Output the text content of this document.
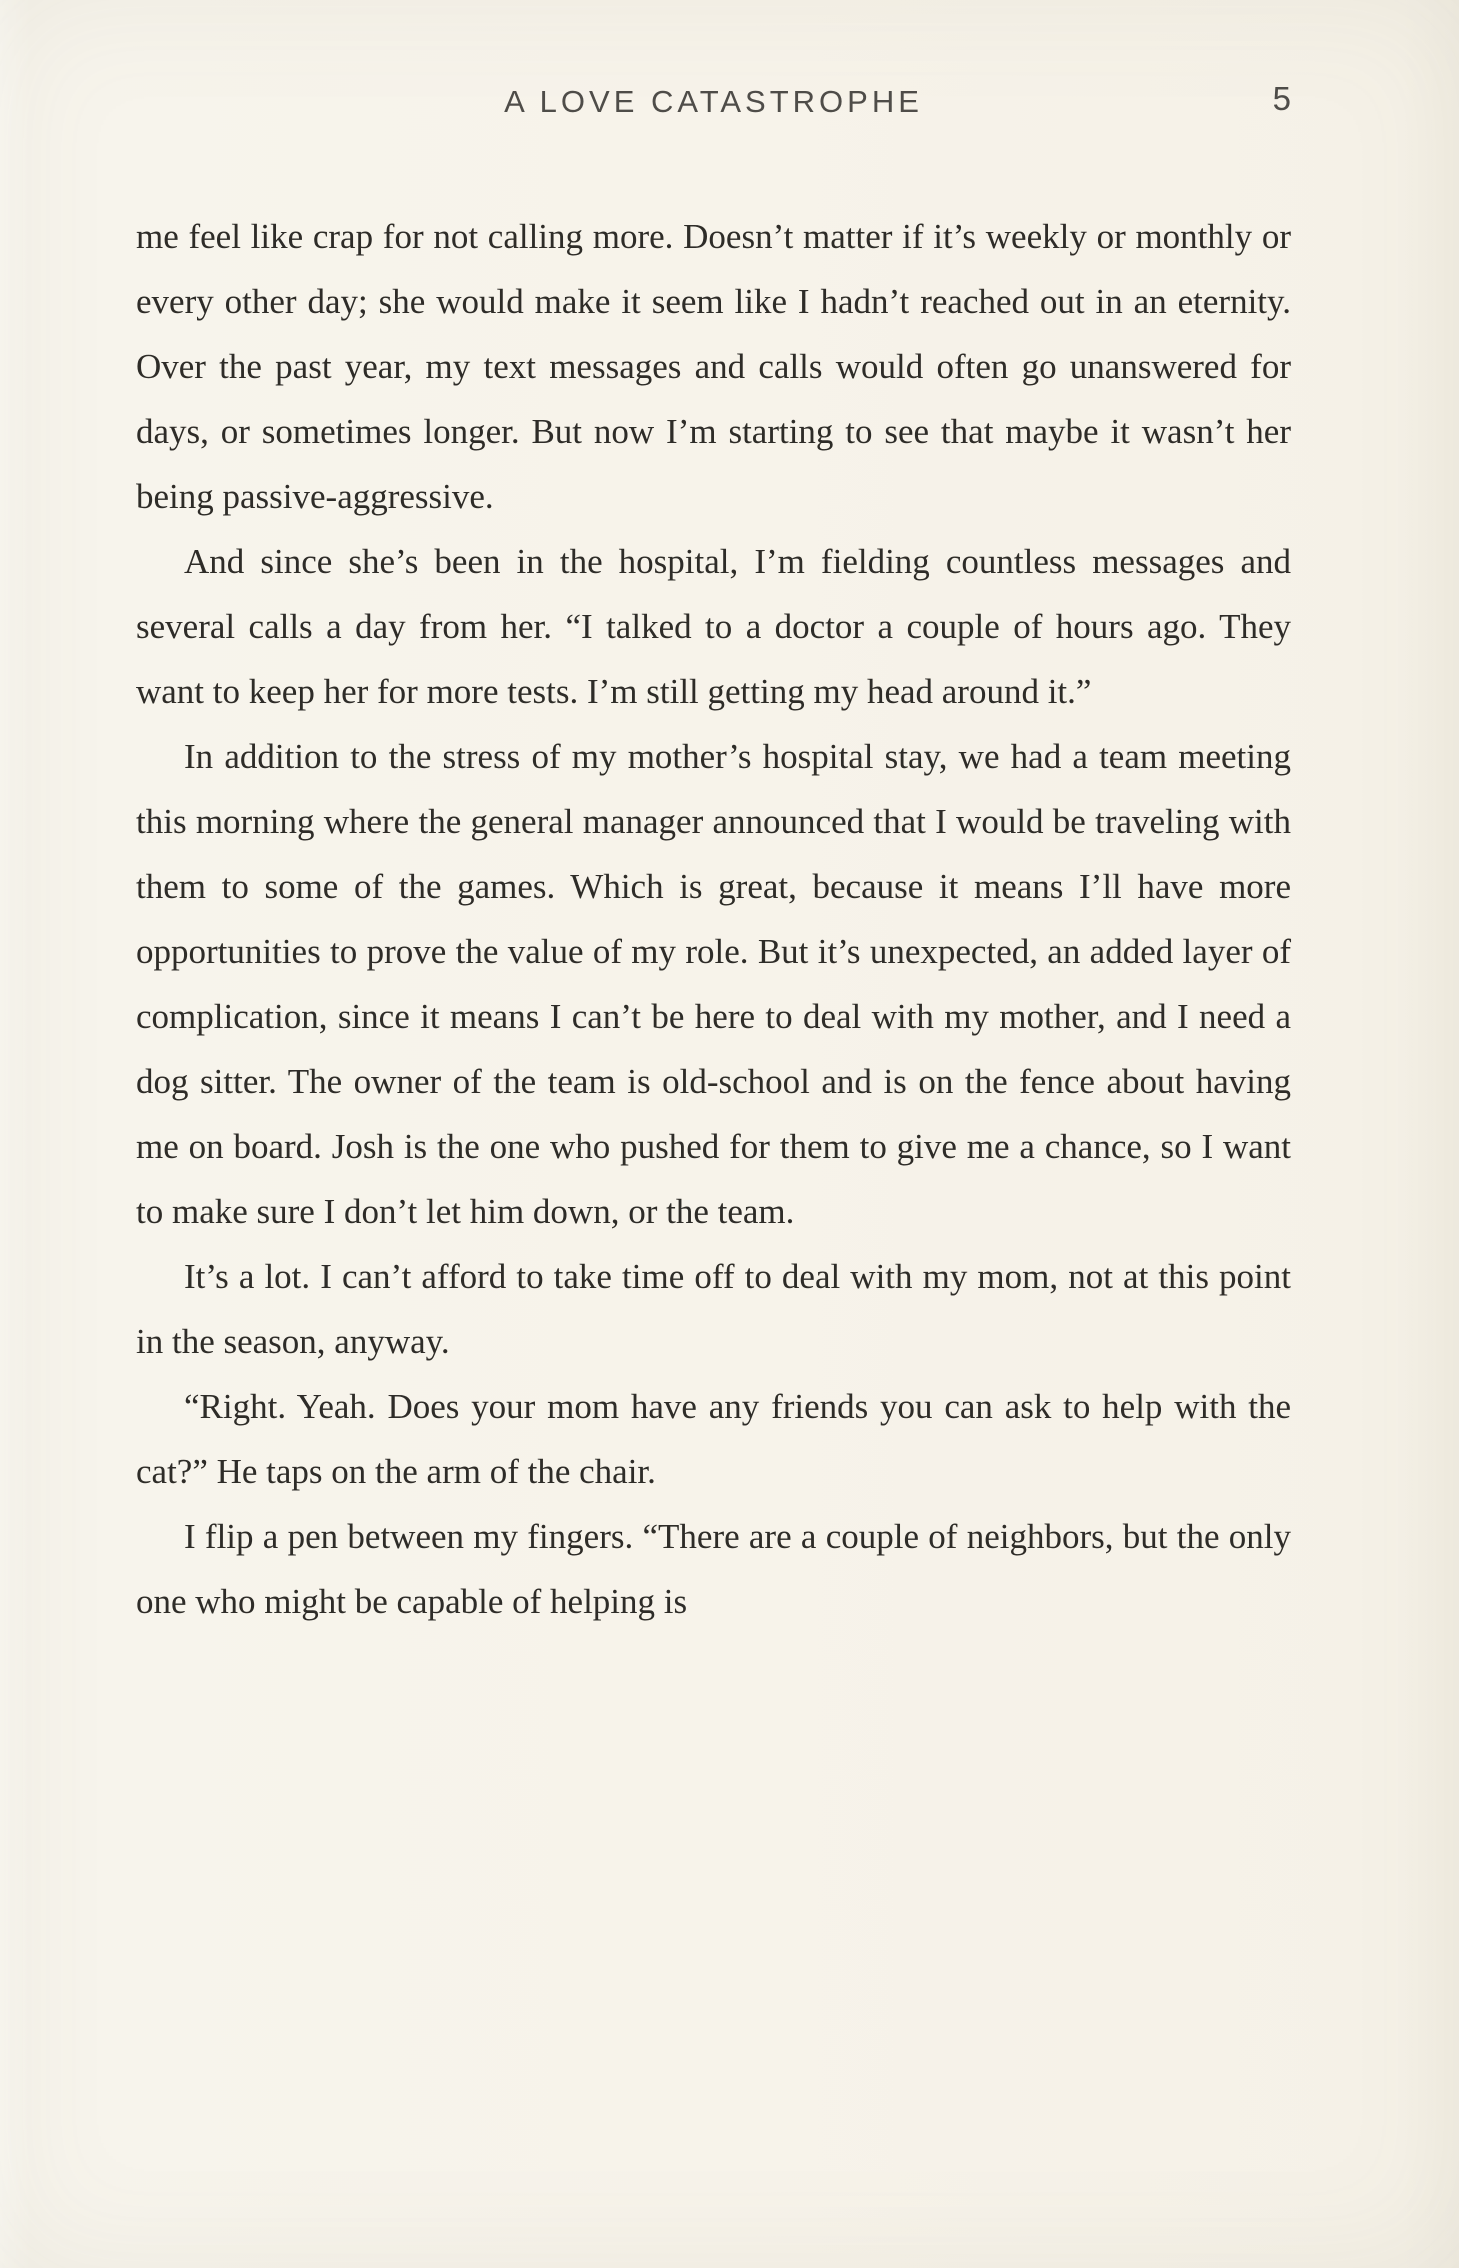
A LOVE CATASTROPHE	5

me feel like crap for not calling more. Doesn’t matter if it’s weekly or monthly or every other day; she would make it seem like I hadn’t reached out in an eternity. Over the past year, my text messages and calls would often go unanswered for days, or sometimes longer. But now I’m starting to see that maybe it wasn’t her being passive-aggressive.

And since she’s been in the hospital, I’m fielding countless messages and several calls a day from her. “I talked to a doctor a couple of hours ago. They want to keep her for more tests. I’m still getting my head around it.”

In addition to the stress of my mother’s hospital stay, we had a team meeting this morning where the general manager announced that I would be traveling with them to some of the games. Which is great, because it means I’ll have more opportunities to prove the value of my role. But it’s unexpected, an added layer of complication, since it means I can’t be here to deal with my mother, and I need a dog sitter. The owner of the team is old-school and is on the fence about having me on board. Josh is the one who pushed for them to give me a chance, so I want to make sure I don’t let him down, or the team.

It’s a lot. I can’t afford to take time off to deal with my mom, not at this point in the season, anyway.

“Right. Yeah. Does your mom have any friends you can ask to help with the cat?” He taps on the arm of the chair.

I flip a pen between my fingers. “There are a couple of neighbors, but the only one who might be capable of helping is
